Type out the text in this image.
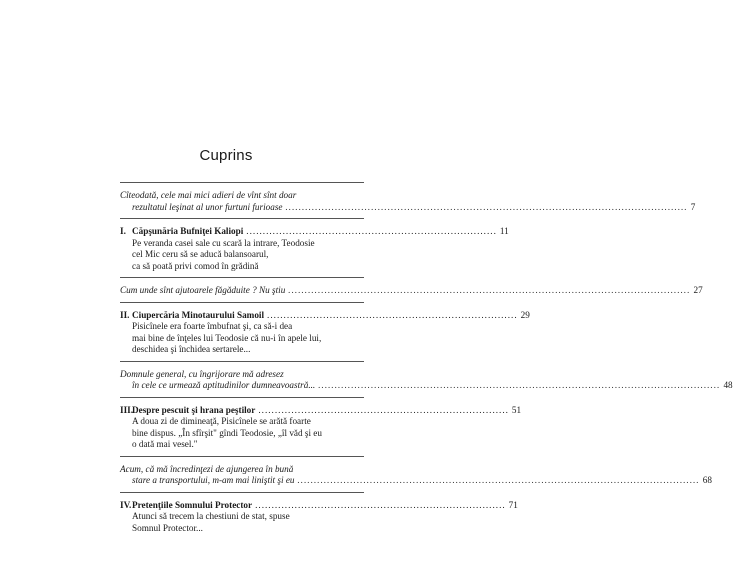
Cuprins
Cîteodată, cele mai mici adieri de vînt sînt doar
rezultatul leşinat al unor furtuni furioase .....	7
I. Căpşunăria Bufniţei Kaliopi ............................................................................ 11
Pe veranda casei sale cu scară la intrare, Teodosie
cel Mic ceru să se aducă balansoarul,
ca să poată privi comod în grădină
Cum unde sînt ajutoarele făgăduite ? Nu ştiu .....	27
II. Ciupercăria Minotaurului Samoil ............................................................................ 29
Pisicînele era foarte îmbufnat şi, ca să-i dea
mai bine de înţeles lui Teodosie că nu-i în apele lui,
deschidea şi închidea sertarele...
Domnule general, cu îngrijorare mă adresez
în cele ce urmează aptitudinilor dumneavoastră... .....	48
III.
Despre pescuit şi hrana peştilor ............................................................................ 51
A doua zi de dimineaţă, Pisicînele se arătă foarte
bine dispus. „În sfîrşit" gîndi Teodosie, „îl văd şi eu
o dată mai vesel."
Acum, că mă încredinţezi de ajungerea în bună
stare a transportului, m-am mai liniştit şi eu .....	68
IV. Pretenţiile Somnului Protector ............................................................................ 71
Atunci să trecem la chestiuni de stat, spuse
Somnul Protector...
